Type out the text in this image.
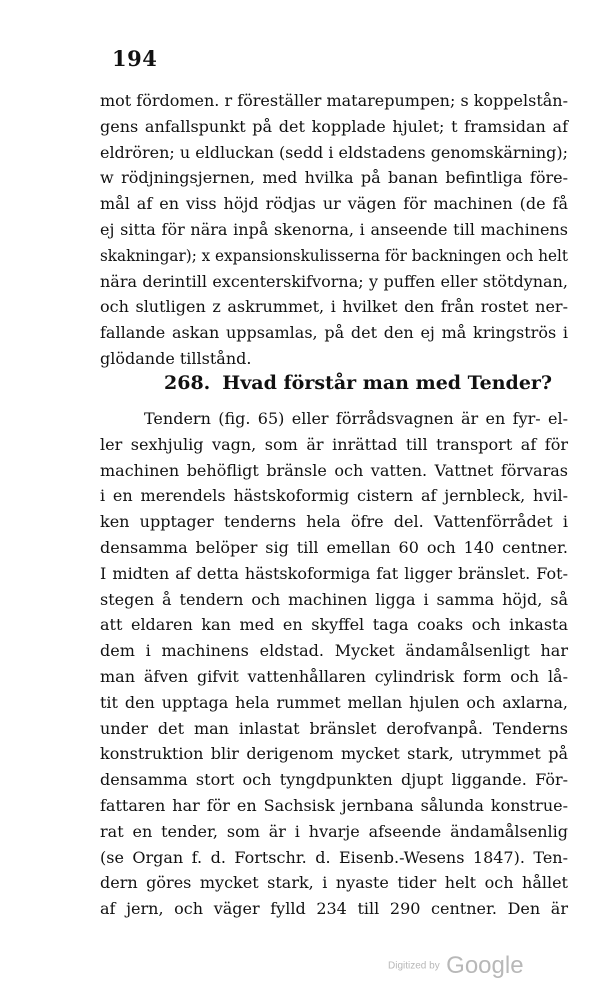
194
mot fördomen. r föreställer matarepumpen; s koppelstån-
gens anfallspunkt på det kopplade hjulet; t framsidan af
eldrören; u eldluckan (sedd i eldstadens genomskärning);
w rödjningsjernen, med hvilka på banan befintliga före-
mål af en viss höjd rödjas ur vägen för machinen (de få
ej sitta för nära inpå skenorna, i anseende till machinens
skakningar); x expansionskulisserna för backningen och helt
nära derintill excenterskifvorna; y puffen eller stötdynan,
och slutligen z askrummet, i hvilket den från rostet ner-
fallande askan uppsamlas, på det den ej må kringströs i
glödande tillstånd.
268. Hvad förstår man med Tender?
Tendern (fig. 65) eller förrådsvagnen är en fyr- el-
ler sexhjulig vagn, som är inrättad till transport af för
machinen behöfligt bränsle och vatten. Vattnet förvaras
i en merendels hästskoformig cistern af jernbleck, hvil-
ken upptager tenderns hela öfre del. Vattenförrådet i
densamma belöper sig till emellan 60 och 140 centner.
I midten af detta hästskoformiga fat ligger bränslet. Fot-
stegen å tendern och machinen ligga i samma höjd, så
att eldaren kan med en skyffel taga coaks och inkasta
dem i machinens eldstad. Mycket ändamålsenligt har
man äfven gifvit vattenhållaren cylindrisk form och lå-
tit den upptaga hela rummet mellan hjulen och axlarna,
under det man inlastat bränslet derofvanpå. Tenderns
konstruktion blir derigenom mycket stark, utrymmet på
densamma stort och tyngdpunkten djupt liggande. För-
fattaren har för en Sachsisk jernbana sålunda konstrue-
rat en tender, som är i hvarje afseende ändamålsenlig
(se Organ f. d. Fortschr. d. Eisenb.-Wesens 1847). Ten-
dern göres mycket stark, i nyaste tider helt och hållet
af jern, och väger fylld 234 till 290 centner. Den är
Digitized by Google
